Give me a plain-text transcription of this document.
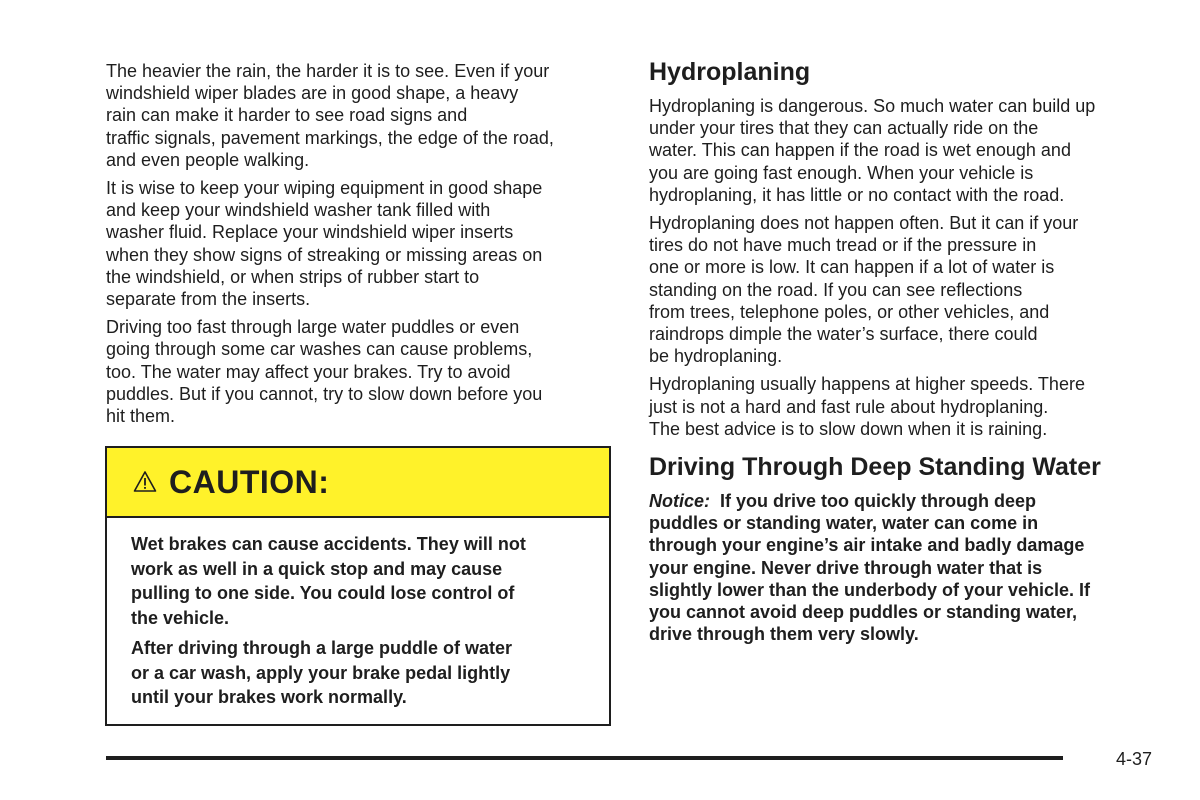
The heavier the rain, the harder it is to see. Even if your
windshield wiper blades are in good shape, a heavy
rain can make it harder to see road signs and
traffic signals, pavement markings, the edge of the road,
and even people walking.

It is wise to keep your wiping equipment in good shape
and keep your windshield washer tank filled with
washer fluid. Replace your windshield wiper inserts
when they show signs of streaking or missing areas on
the windshield, or when strips of rubber start to
separate from the inserts.

Driving too fast through large water puddles or even
going through some car washes can cause problems,
too. The water may affect your brakes. Try to avoid
puddles. But if you cannot, try to slow down before you
hit them.

CAUTION:

Wet brakes can cause accidents. They will not
work as well in a quick stop and may cause
pulling to one side. You could lose control of
the vehicle.

After driving through a large puddle of water
or a car wash, apply your brake pedal lightly
until your brakes work normally.

Hydroplaning

Hydroplaning is dangerous. So much water can build up
under your tires that they can actually ride on the
water. This can happen if the road is wet enough and
you are going fast enough. When your vehicle is
hydroplaning, it has little or no contact with the road.

Hydroplaning does not happen often. But it can if your
tires do not have much tread or if the pressure in
one or more is low. It can happen if a lot of water is
standing on the road. If you can see reflections
from trees, telephone poles, or other vehicles, and
raindrops dimple the water’s surface, there could
be hydroplaning.

Hydroplaning usually happens at higher speeds. There
just is not a hard and fast rule about hydroplaning.
The best advice is to slow down when it is raining.

Driving Through Deep Standing Water

Notice: If you drive too quickly through deep
puddles or standing water, water can come in
through your engine’s air intake and badly damage
your engine. Never drive through water that is
slightly lower than the underbody of your vehicle. If
you cannot avoid deep puddles or standing water,
drive through them very slowly.

4-37
